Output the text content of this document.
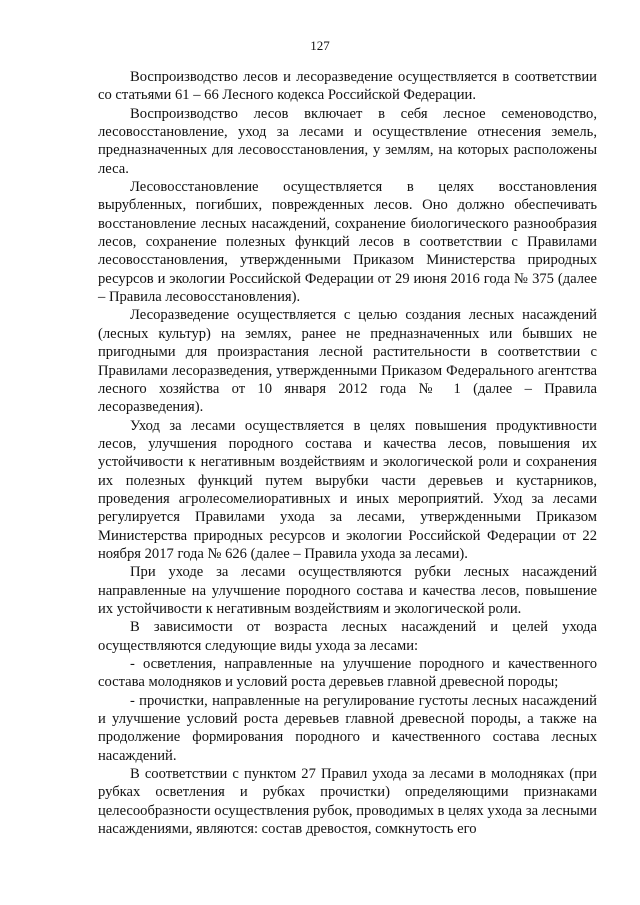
127

Воспроизводство лесов и лесоразведение осуществляется в соответствии со статьями 61 – 66 Лесного кодекса Российской Федерации.

Воспроизводство лесов включает в себя лесное семеноводство, лесовосстановление, уход за лесами и осуществление отнесения земель, предназначенных для лесовосстановления, у землям, на которых расположены леса.

Лесовосстановление осуществляется в целях восстановления вырубленных, погибших, поврежденных лесов. Оно должно обеспечивать восстановление лесных насаждений, сохранение биологического разнообразия лесов, сохранение полезных функций лесов в соответствии с Правилами лесовосстановления, утвержденными Приказом Министерства природных ресурсов и экологии Российской Федерации от 29 июня 2016 года № 375 (далее – Правила лесовосстановления).

Лесоразведение осуществляется с целью создания лесных насаждений (лесных культур) на землях, ранее не предназначенных или бывших не пригодными для произрастания лесной растительности в соответствии с Правилами лесоразведения, утвержденными Приказом Федерального агентства лесного хозяйства от 10 января 2012 года № 1 (далее – Правила лесоразведения).

Уход за лесами осуществляется в целях повышения продуктивности лесов, улучшения породного состава и качества лесов, повышения их устойчивости к негативным воздействиям и экологической роли и сохранения их полезных функций путем вырубки части деревьев и кустарников, проведения агролесомелиоративных и иных мероприятий. Уход за лесами регулируется Правилами ухода за лесами, утвержденными Приказом Министерства природных ресурсов и экологии Российской Федерации от 22 ноября 2017 года № 626 (далее – Правила ухода за лесами).

При уходе за лесами осуществляются рубки лесных насаждений направленные на улучшение породного состава и качества лесов, повышение их устойчивости к негативным воздействиям и экологической роли.

В зависимости от возраста лесных насаждений и целей ухода осуществляются следующие виды ухода за лесами:

- осветления, направленные на улучшение породного и качественного состава молодняков и условий роста деревьев главной древесной породы;

- прочистки, направленные на регулирование густоты лесных насаждений и улучшение условий роста деревьев главной древесной породы, а также на продолжение формирования породного и качественного состава лесных насаждений.

В соответствии с пунктом 27 Правил ухода за лесами в молодняках (при рубках осветления и рубках прочистки) определяющими признаками целесообразности осуществления рубок, проводимых в целях ухода за лесными насаждениями, являются: состав древостоя, сомкнутость его
